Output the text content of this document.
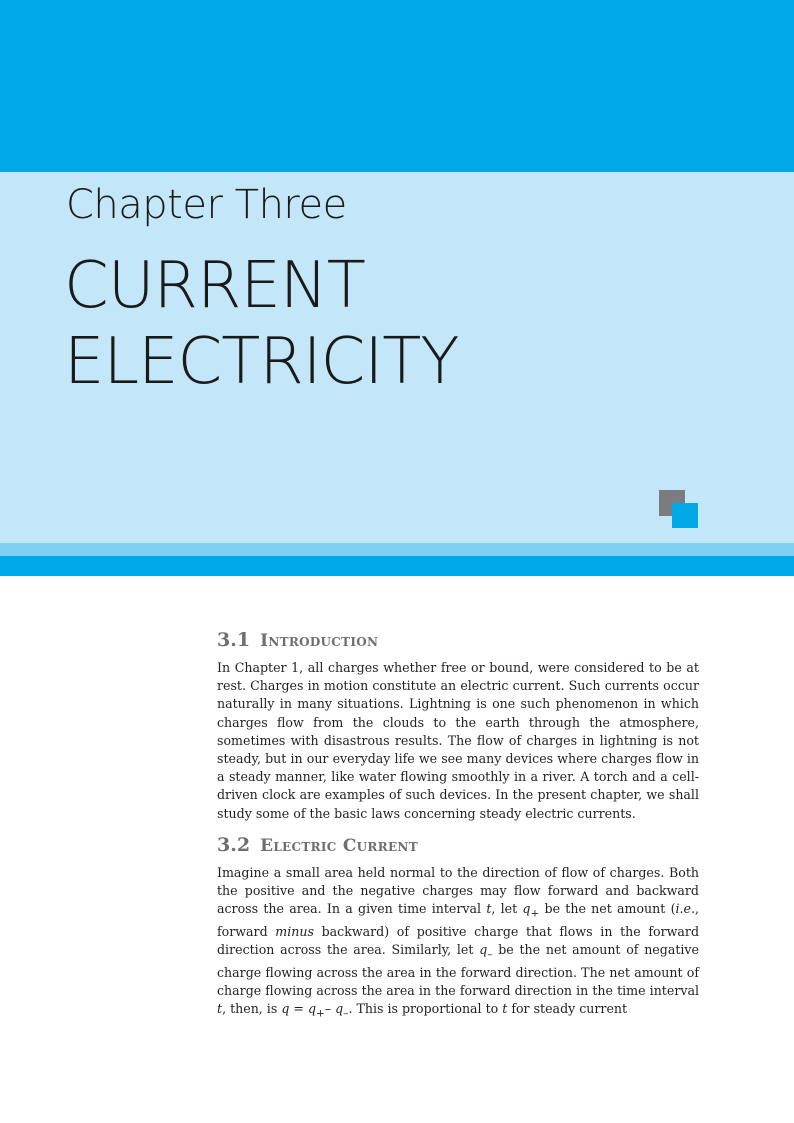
Chapter Three
CURRENT
ELECTRICITY
3.1 Introduction

In Chapter 1, all charges whether free or bound, were considered to be at rest. Charges in motion constitute an electric current. Such currents occur naturally in many situations. Lightning is one such phenomenon in which charges flow from the clouds to the earth through the atmosphere, sometimes with disastrous results. The flow of charges in lightning is not steady, but in our everyday life we see many devices where charges flow in a steady manner, like water flowing smoothly in a river. A torch and a cell-driven clock are examples of such devices. In the present chapter, we shall study some of the basic laws concerning steady electric currents.

3.2 Electric Current

Imagine a small area held normal to the direction of flow of charges. Both the positive and the negative charges may flow forward and backward across the area. In a given time interval t, let $q_+$ be the net amount (i.e., forward minus backward) of positive charge that flows in the forward direction across the area. Similarly, let $q_-$ be the net amount of negative charge flowing across the area in the forward direction. The net amount of charge flowing across the area in the forward direction in the time interval t, then, is $q = q_+-$ $q_-$. This is proportional to t for steady current
